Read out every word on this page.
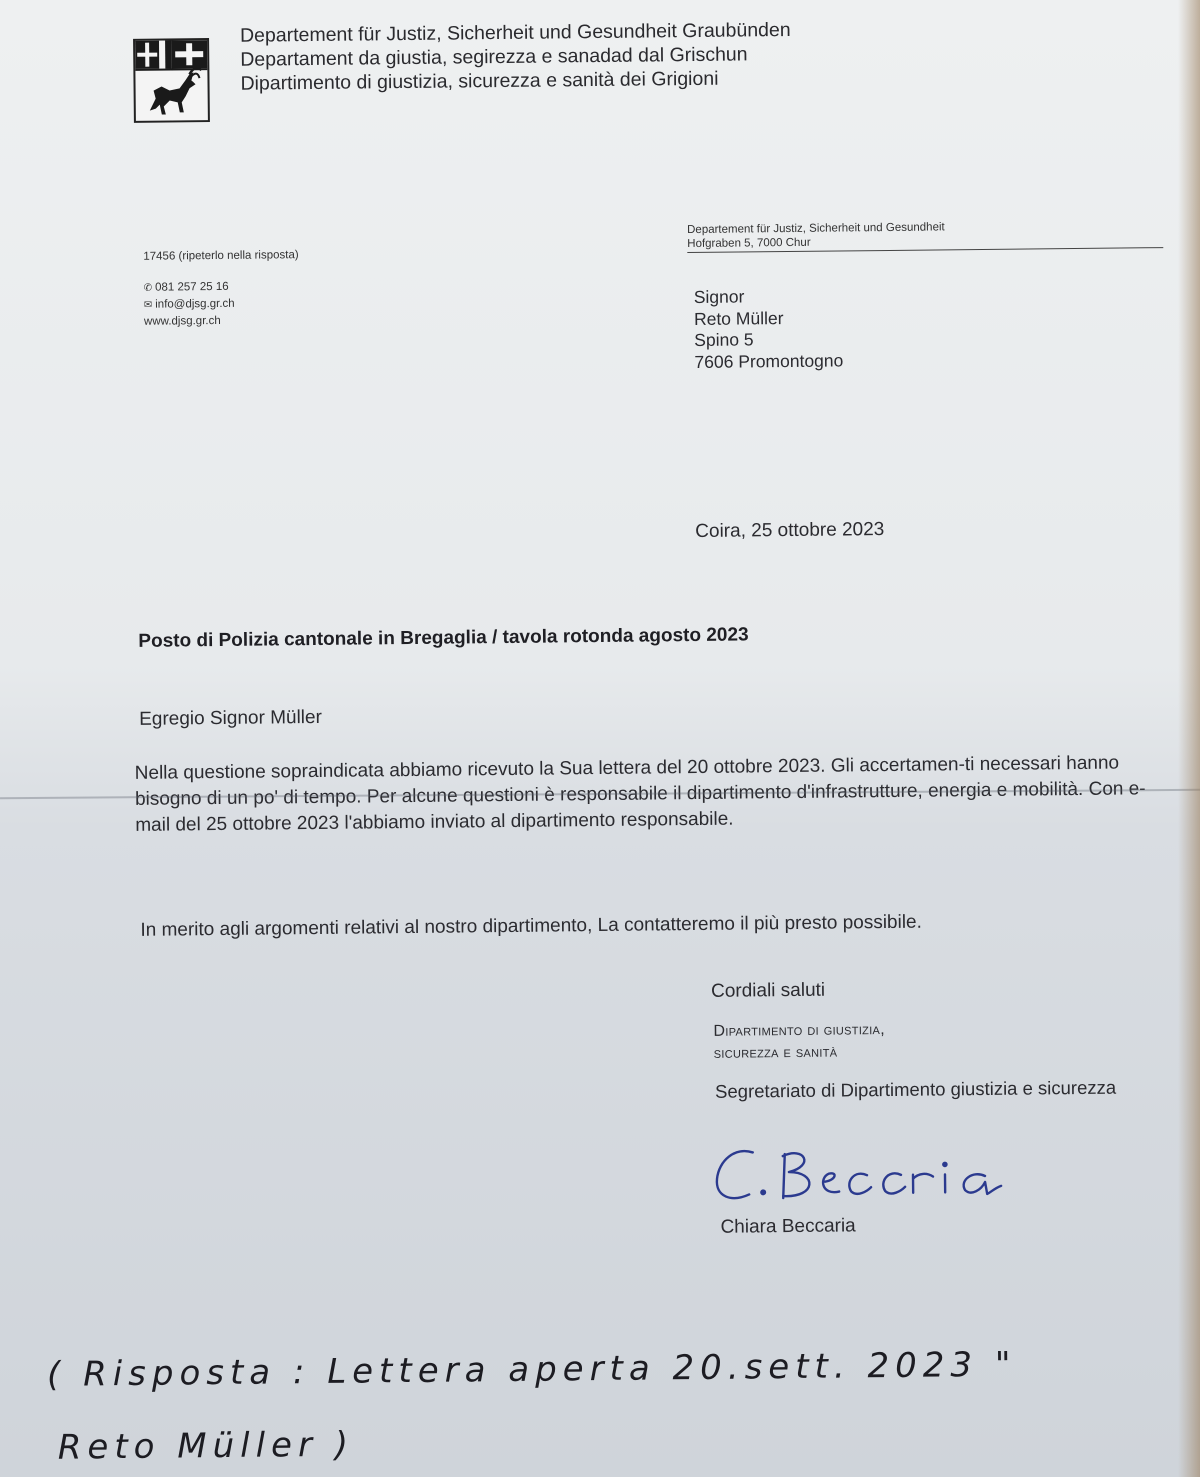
Departement für Justiz, Sicherheit und Gesundheit Graubünden
Departament da giustia, segirezza e sanadad dal Grischun
Dipartimento di giustizia, sicurezza e sanità dei Grigioni
17456 (ripeterlo nella risposta)
✆ 081 257 25 16
✉ info@djsg.gr.ch
www.djsg.gr.ch
Departement für Justiz, Sicherheit und Gesundheit
Hofgraben 5, 7000 Chur
Signor
Reto Müller
Spino 5
7606 Promontogno
Coira, 25 ottobre 2023
Posto di Polizia cantonale in Bregaglia / tavola rotonda agosto 2023
Egregio Signor Müller

Nella questione sopraindicata abbiamo ricevuto la Sua lettera del 20 ottobre 2023. Gli accertamen-ti necessari hanno bisogno di un po' di tempo. Per alcune questioni è responsabile il dipartimento d'infrastrutture, energia e mobilità. Con e-mail del 25 ottobre 2023 l'abbiamo inviato al dipartimento responsabile.

In merito agli argomenti relativi al nostro dipartimento, La contatteremo il più presto possibile.

Cordiali saluti
Dipartimento di giustizia,
sicurezza e sanità
Segretariato di Dipartimento giustizia e sicurezza
Chiara Beccaria
( Risposta : Lettera aperta 20.sett. 2023 "
Reto Müller )
